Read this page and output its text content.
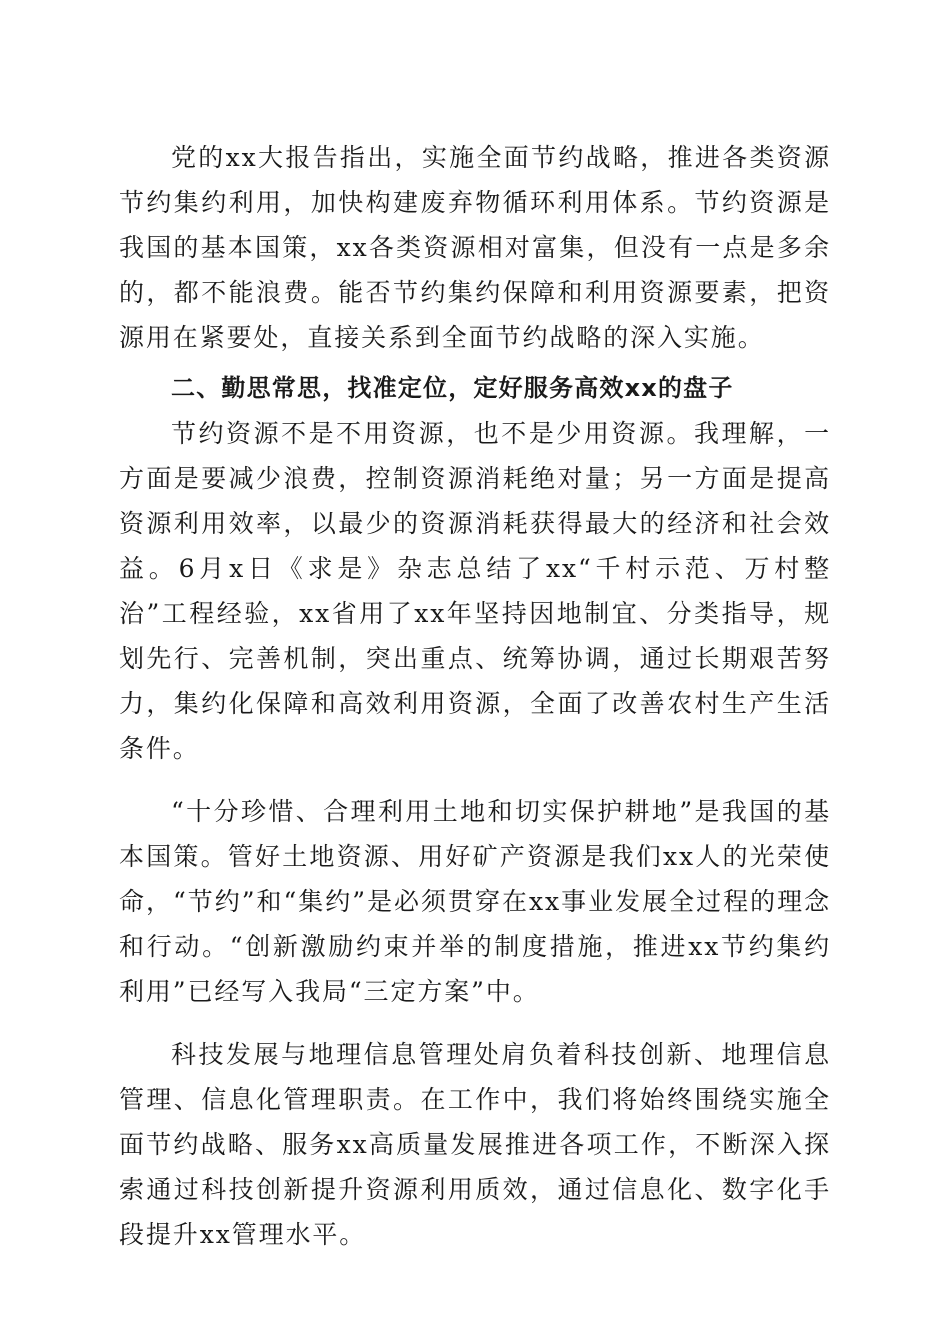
党的xx大报告指出，实施全面节约战略，推进各类资源节约集约利用，加快构建废弃物循环利用体系。节约资源是我国的基本国策，xx各类资源相对富集，但没有一点是多余的，都不能浪费。能否节约集约保障和利用资源要素，把资源用在紧要处，直接关系到全面节约战略的深入实施。

二、勤思常思，找准定位，定好服务高效xx的盘子

节约资源不是不用资源，也不是少用资源。我理解，一方面是要减少浪费，控制资源消耗绝对量；另一方面是提高资源利用效率，以最少的资源消耗获得最大的经济和社会效益。6月x日《求是》杂志总结了xx“千村示范、万村整治”工程经验，xx省用了xx年坚持因地制宜、分类指导，规划先行、完善机制，突出重点、统筹协调，通过长期艰苦努力，集约化保障和高效利用资源，全面了改善农村生产生活条件。

“十分珍惜、合理利用土地和切实保护耕地”是我国的基本国策。管好土地资源、用好矿产资源是我们xx人的光荣使命，“节约”和“集约”是必须贯穿在xx事业发展全过程的理念和行动。“创新激励约束并举的制度措施，推进xx节约集约利用”已经写入我局“三定方案”中。

科技发展与地理信息管理处肩负着科技创新、地理信息管理、信息化管理职责。在工作中，我们将始终围绕实施全面节约战略、服务xx高质量发展推进各项工作，不断深入探索通过科技创新提升资源利用质效，通过信息化、数字化手段提升xx管理水平。
